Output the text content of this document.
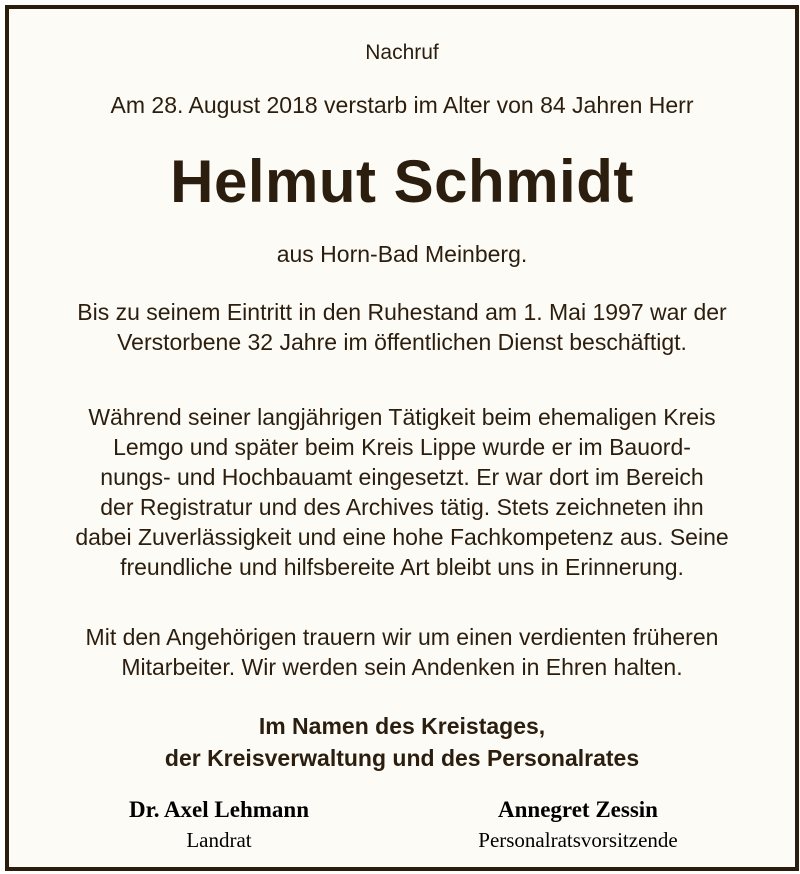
Nachruf
Am 28. August 2018 verstarb im Alter von 84 Jahren Herr
Helmut Schmidt
aus Horn-Bad Meinberg.
Bis zu seinem Eintritt in den Ruhestand am 1. Mai 1997 war der
Verstorbene 32 Jahre im öffentlichen Dienst beschäftigt.
Während seiner langjährigen Tätigkeit beim ehemaligen Kreis
Lemgo und später beim Kreis Lippe wurde er im Bauord-
nungs- und Hochbauamt eingesetzt. Er war dort im Bereich
der Registratur und des Archives tätig. Stets zeichneten ihn
dabei Zuverlässigkeit und eine hohe Fachkompetenz aus. Seine
freundliche und hilfsbereite Art bleibt uns in Erinnerung.
Mit den Angehörigen trauern wir um einen verdienten früheren
Mitarbeiter. Wir werden sein Andenken in Ehren halten.
Im Namen des Kreistages,
der Kreisverwaltung und des Personalrates
Dr. Axel Lehmann
Landrat
Annegret Zessin
Personalratsvorsitzende
